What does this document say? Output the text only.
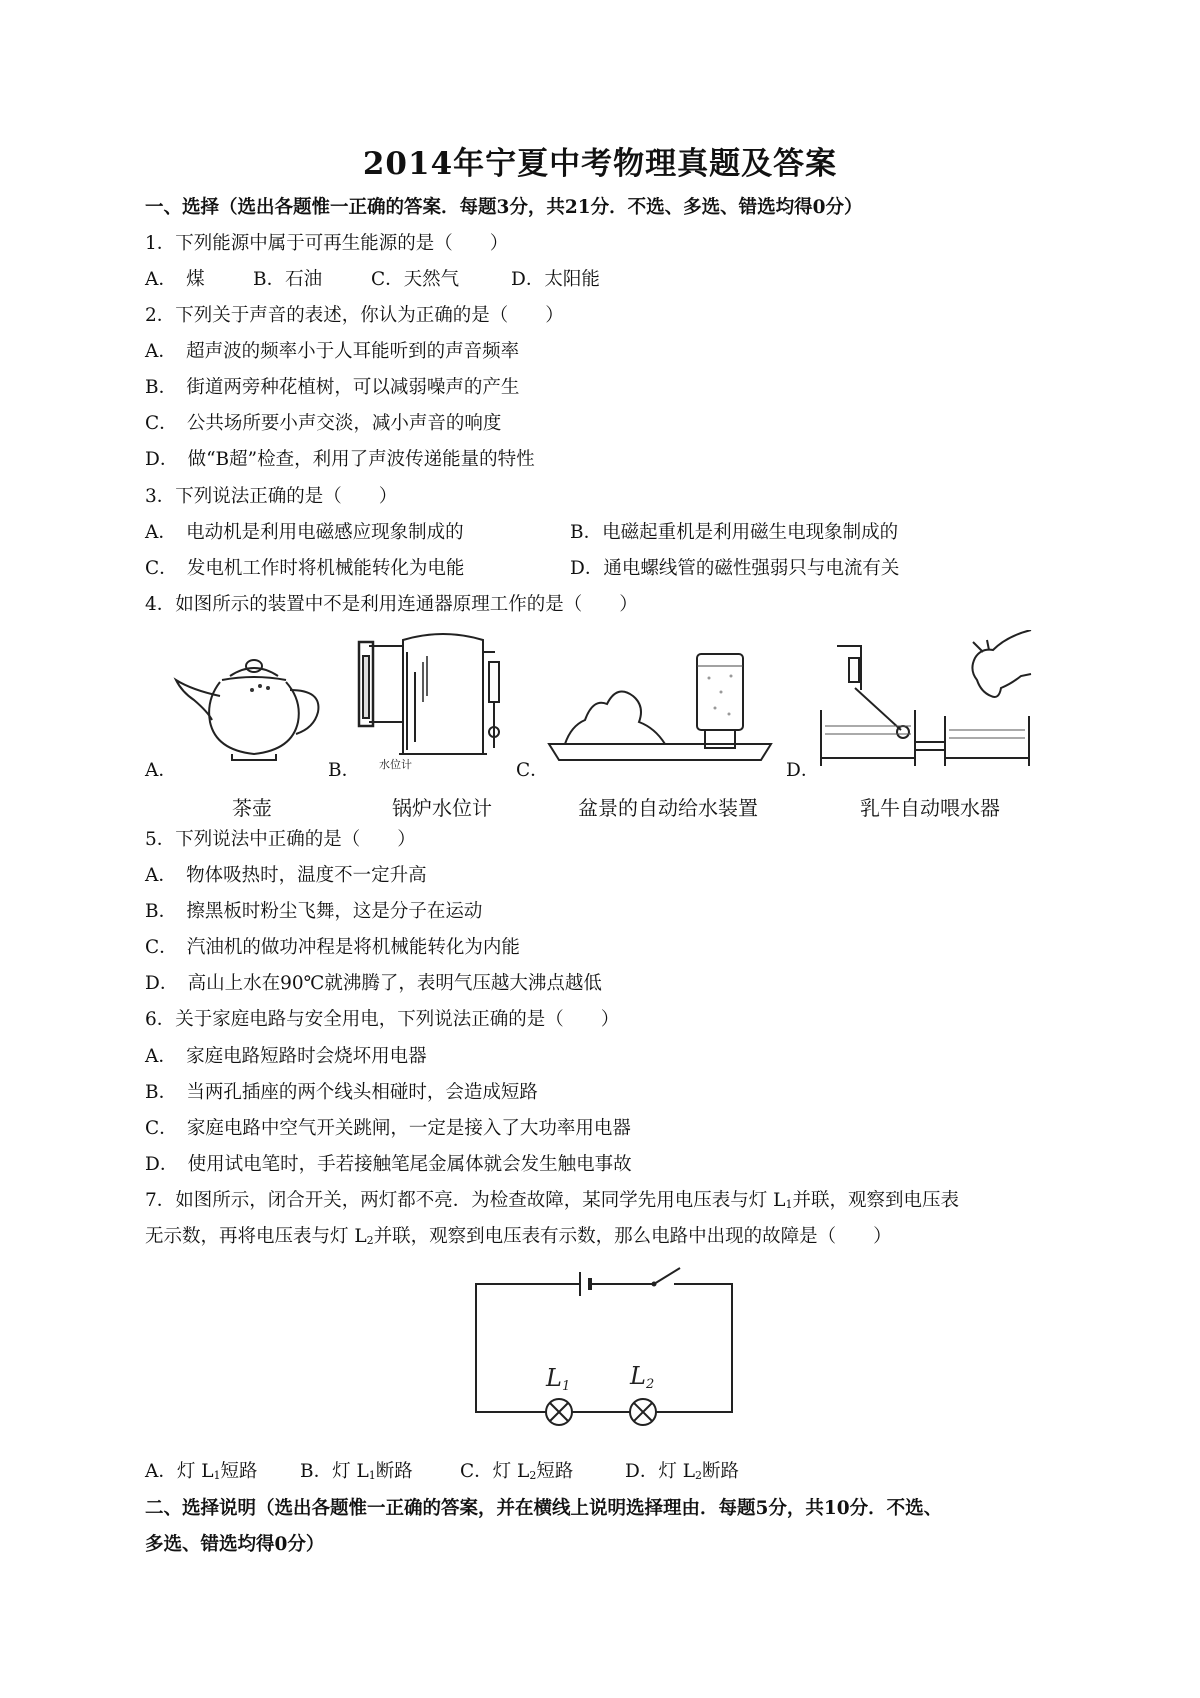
2014年宁夏中考物理真题及答案
一、选择（选出各题惟一正确的答案．每题3分，共21分．不选、多选、错选均得0分）
1．下列能源中属于可再生能源的是（　　）
A．　煤	B．石油	C．天然气	D．太阳能
2．下列关于声音的表述，你认为正确的是（　　）
A．　超声波的频率小于人耳能听到的声音频率
B．　街道两旁种花植树，可以减弱噪声的产生
C．　公共场所要小声交淡，减小声音的响度
D．　做“B超”检查，利用了声波传递能量的特性
3．下列说法正确的是（　　）
A．　电动机是利用电磁感应现象制成的	B．电磁起重机是利用磁生电现象制成的
C．　发电机工作时将机械能转化为电能	D．通电螺线管的磁性强弱只与电流有关
4．如图所示的装置中不是利用连通器原理工作的是（　　）
A．
茶壶
B． 水位计
锅炉水位计
C．
盆景的自动给水装置
D．
乳牛自动喂水器
5．下列说法中正确的是（　　）
A．　物体吸热时，温度不一定升高
B．　擦黑板时粉尘飞舞，这是分子在运动
C．　汽油机的做功冲程是将机械能转化为内能
D．　高山上水在90℃就沸腾了，表明气压越大沸点越低
6．关于家庭电路与安全用电，下列说法正确的是（　　）
A．　家庭电路短路时会烧坏用电器
B．　当两孔插座的两个线头相碰时，会造成短路
C．　家庭电路中空气开关跳闸，一定是接入了大功率用电器
D．　使用试电笔时，手若接触笔尾金属体就会发生触电事故
7．如图所示，闭合开关，两灯都不亮．为检查故障，某同学先用电压表与灯 $L_1$并联，观察到电压表
无示数，再将电压表与灯 $L_2$并联，观察到电压表有示数，那么电路中出现的故障是（　　）
L1 L2
A．灯 $L_1$短路 B．灯 $L_1$断路	C．灯 $L_2$短路	D．灯 $L_2$断路
二、选择说明（选出各题惟一正确的答案，并在横线上说明选择理由．每题5分，共10分．不选、
多选、错选均得0分）
